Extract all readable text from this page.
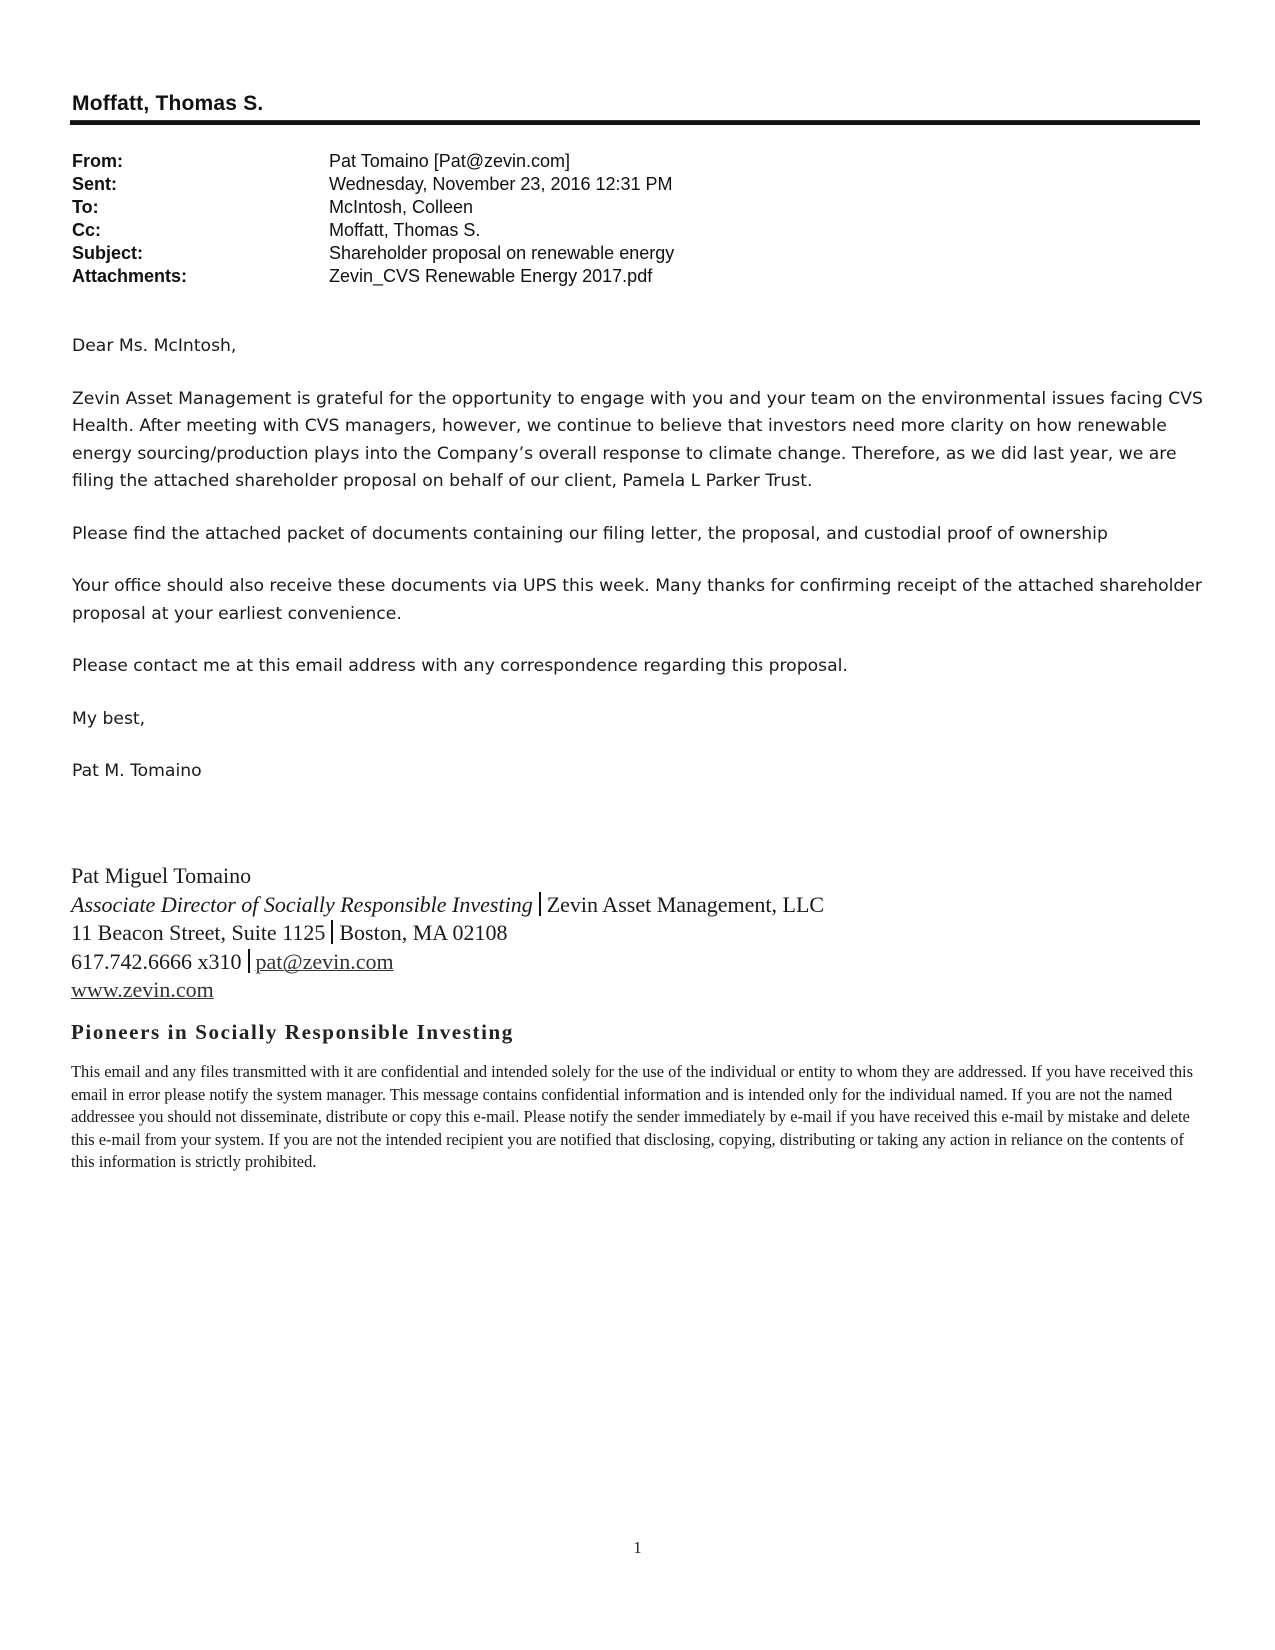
Moffatt, Thomas S.
From:	Pat Tomaino [Pat@zevin.com]
Sent:	Wednesday, November 23, 2016 12:31 PM
To:	McIntosh, Colleen
Cc:	Moffatt, Thomas S.
Subject:	Shareholder proposal on renewable energy
Attachments:	Zevin_CVS Renewable Energy 2017.pdf

Dear Ms. McIntosh,

Zevin Asset Management is grateful for the opportunity to engage with you and your team on the environmental issues facing CVS Health. After meeting with CVS managers, however, we continue to believe that investors need more clarity on how renewable energy sourcing/production plays into the Company’s overall response to climate change. Therefore, as we did last year, we are filing the attached shareholder proposal on behalf of our client, Pamela L Parker Trust.

Please find the attached packet of documents containing our filing letter, the proposal, and custodial proof of ownership

Your office should also receive these documents via UPS this week. Many thanks for confirming receipt of the attached shareholder proposal at your earliest convenience.

Please contact me at this email address with any correspondence regarding this proposal.

My best,

Pat M. Tomaino

Pat Miguel Tomaino
Associate Director of Socially Responsible Investing Zevin Asset Management, LLC
11 Beacon Street, Suite 1125 Boston, MA 02108
617.742.6666 x310 pat@zevin.com
www.zevin.com
Pioneers in Socially Responsible Investing
This email and any files transmitted with it are confidential and intended solely for the use of the individual or entity to whom they are addressed. If you have received this email in error please notify the system manager. This message contains confidential information and is intended only for the individual named. If you are not the named addressee you should not disseminate, distribute or copy this e-mail. Please notify the sender immediately by e-mail if you have received this e-mail by mistake and delete this e-mail from your system. If you are not the intended recipient you are notified that disclosing, copying, distributing or taking any action in reliance on the contents of this information is strictly prohibited.
1
